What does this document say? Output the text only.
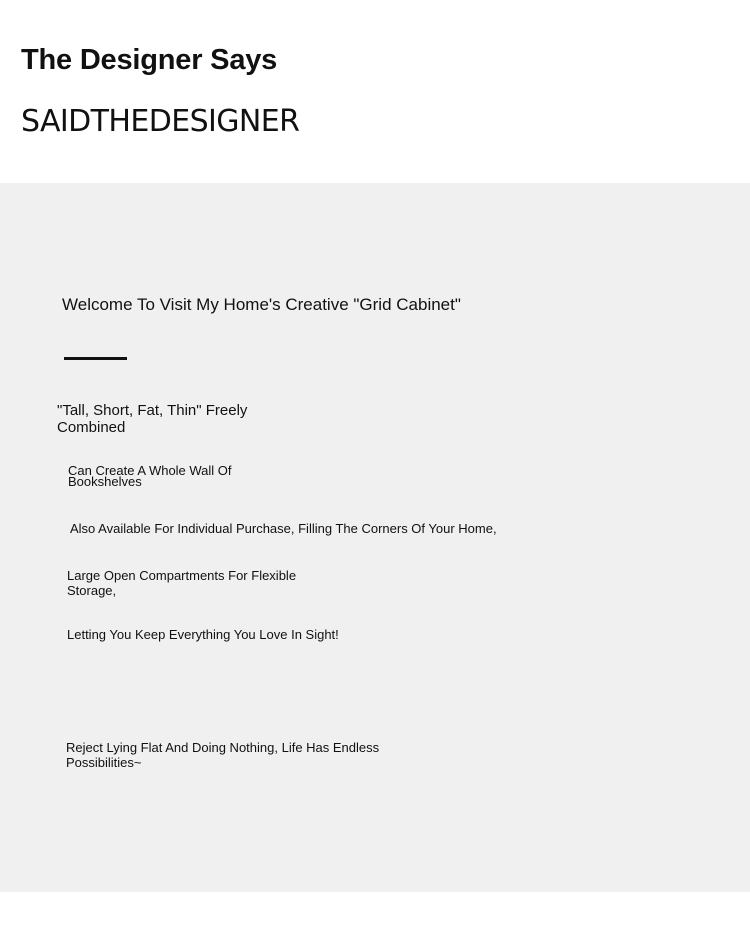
The Designer Says
SAIDTHEDESIGNER
Welcome To Visit My Home's Creative "Grid Cabinet"

"Tall, Short, Fat, Thin" Freely Combined

Can Create A Whole Wall Of Bookshelves

Also Available For Individual Purchase, Filling The Corners Of Your Home,

Large Open Compartments For Flexible Storage,

Letting You Keep Everything You Love In Sight!

Reject Lying Flat And Doing Nothing, Life Has Endless Possibilities~
